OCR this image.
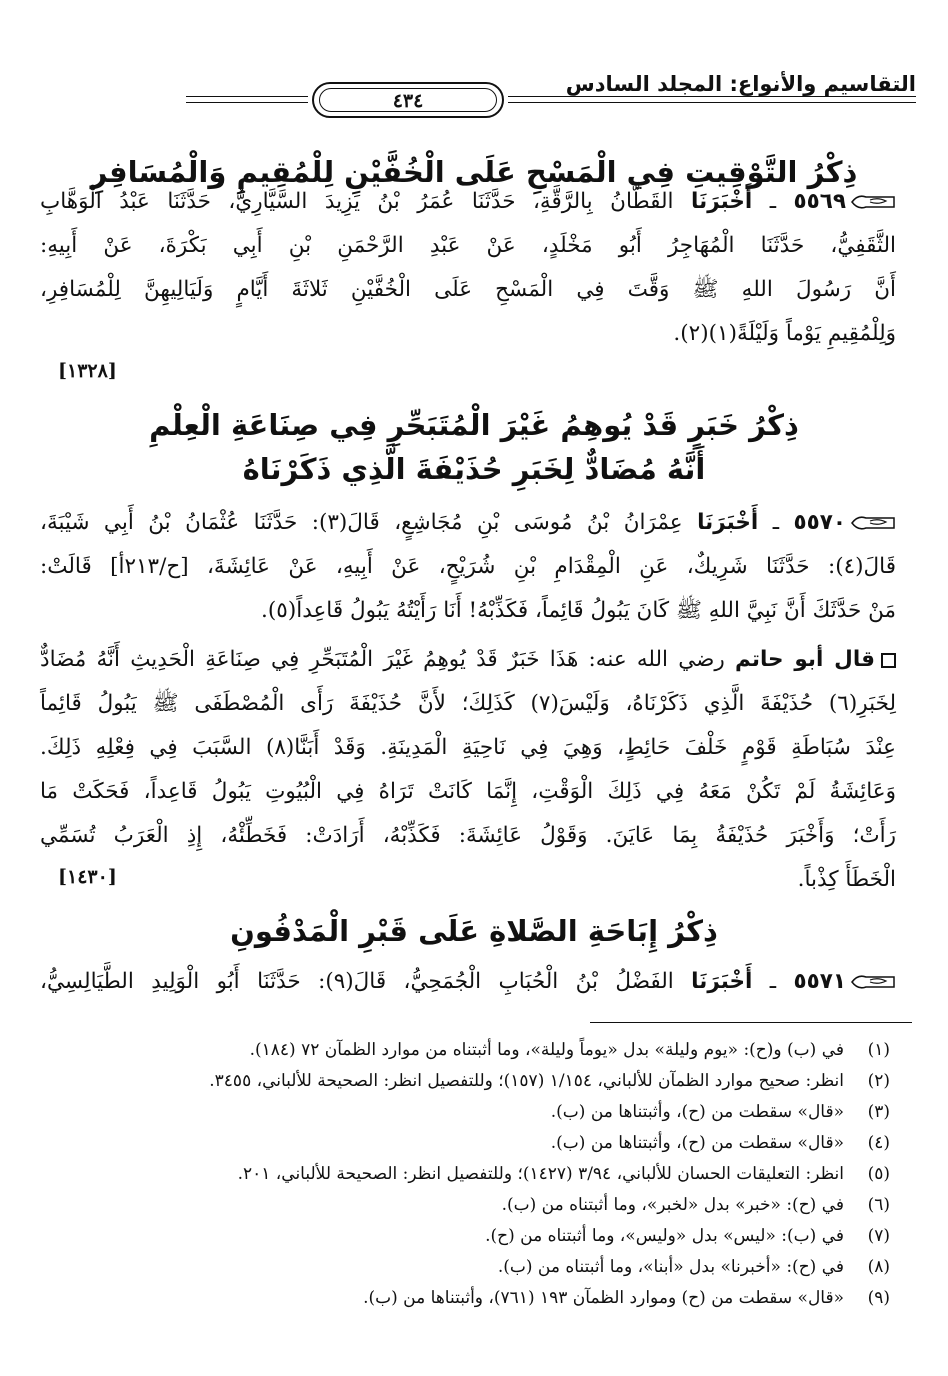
التقاسيم والأنواع: المجلد السادس
٤٣٤
ذِكْرُ التَّوْقِيتِ فِي الْمَسْحِ عَلَى الْخُفَّيْنِ لِلْمُقِيمِ وَالْمُسَافِرِ
٥٥٦٩ ـ أَخْبَرَنَا القَطَّانُ بِالرَّقَّةِ، حَدَّثَنَا عُمَرُ بْنُ يَزِيدَ السَّيَّارِيُّ، حَدَّثَنَا عَبْدُ الْوَهَّابِ
الثَّقَفِيُّ، حَدَّثَنَا الْمُهَاجِرُ أَبُو مَخْلَدٍ، عَنْ عَبْدِ الرَّحْمَنِ بْنِ أَبِي بَكْرَةَ، عَنْ أَبِيهِ:
أَنَّ رَسُولَ اللهِ ﷺ وَقَّتَ فِي الْمَسْحِ عَلَى الْخُفَّيْنِ ثَلاثَةَ أَيَّامٍ وَلَيَالِيهِنَّ لِلْمُسَافِرِ،
وَلِلْمُقِيمِ يَوْماً وَلَيْلَةً(١)(٢).
[١٣٢٨]
ذِكْرُ خَبَرٍ قَدْ يُوهِمُ غَيْرَ الْمُتَبَحِّرِ فِي صِنَاعَةِ الْعِلْمِ
أَنَّهُ مُضَادٌّ لِخَبَرِ حُذَيْفَةَ الَّذِي ذَكَرْنَاهُ
٥٥٧٠ ـ أَخْبَرَنَا عِمْرَانُ بْنُ مُوسَى بْنِ مُجَاشِعٍ، قَالَ(٣): حَدَّثَنَا عُثْمَانُ بْنُ أَبِي شَيْبَةَ،
قَالَ(٤): حَدَّثَنَا شَرِيكٌ، عَنِ الْمِقْدَامِ بْنِ شُرَيْحٍ، عَنْ أَبِيهِ، عَنْ عَائِشَةَ، [ح/٢١٣أ] قَالَتْ:
مَنْ حَدَّثَكَ أَنَّ نَبِيَّ اللهِ ﷺ كَانَ يَبُولُ قَائِماً، فَكَذِّبْهُ! أَنَا رَأَيْتُهُ يَبُولُ قَاعِداً(٥).
قال أبو حاتم رضي الله عنه: هَذَا خَبَرٌ قَدْ يُوهِمُ غَيْرَ الْمُتَبَحِّرِ فِي صِنَاعَةِ الْحَدِيثِ أَنَّهُ مُضَادٌّ
لِخَبَرِ(٦) حُذَيْفَةَ الَّذِي ذَكَرْنَاهُ، وَلَيْسَ(٧) كَذَلِكَ؛ لأَنَّ حُذَيْفَةَ رَأَى الْمُصْطَفَى ﷺ يَبُولُ قَائِماً
عِنْدَ سُبَاطَةِ قَوْمٍ خَلْفَ حَائِطٍ، وَهِيَ فِي نَاحِيَةِ الْمَدِينَةِ. وَقَدْ أَبَنَّا(٨) السَّبَبَ فِي فِعْلِهِ ذَلِكَ.
وَعَائِشَةُ لَمْ تَكُنْ مَعَهُ فِي ذَلِكَ الْوَقْتِ، إِنَّمَا كَانَتْ تَرَاهُ فِي الْبُيُوتِ يَبُولُ قَاعِداً، فَحَكَتْ مَا
رَأَتْ؛ وَأَخْبَرَ حُذَيْفَةُ بِمَا عَايَنَ. وَقَوْلُ عَائِشَةَ: فَكَذِّبْهُ، أَرَادَتْ: فَخَطِّئْهُ، إِذِ الْعَرَبُ تُسَمِّي
الْخَطَأَ كِذْباً.
[١٤٣٠]
ذِكْرُ إِبَاحَةِ الصَّلاةِ عَلَى قَبْرِ الْمَدْفُونِ
٥٥٧١ ـ أَخْبَرَنَا الفَضْلُ بْنُ الْحُبَابِ الْجُمَحِيُّ، قَالَ(٩): حَدَّثَنَا أَبُو الْوَلِيدِ الطَّيَالِسِيُّ،
(١)في (ب) و(ح): «يوم وليلة» بدل «يوماً وليلة»، وما أثبتناه من موارد الظمآن ٧٢ (١٨٤).
(٢)انظر: صحيح موارد الظمآن للألباني، ١/١٥٤ (١٥٧)؛ وللتفصيل انظر: الصحيحة للألباني، ٣٤٥٥.
(٣)«قال» سقطت من (ح)، وأثبتناها من (ب).
(٤)«قال» سقطت من (ح)، وأثبتناها من (ب).
(٥)انظر: التعليقات الحسان للألباني، ٣/٩٤ (١٤٢٧)؛ وللتفصيل انظر: الصحيحة للألباني، ٢٠١.
(٦)في (ح): «خبر» بدل «لخبر»، وما أثبتناه من (ب).
(٧)في (ب): «ليس» بدل «وليس»، وما أثبتناه من (ح).
(٨)في (ح): «أخبرنا» بدل «أبنا»، وما أثبتناه من (ب).
(٩)«قال» سقطت من (ح) وموارد الظمآن ١٩٣ (٧٦١)، وأثبتناها من (ب).
